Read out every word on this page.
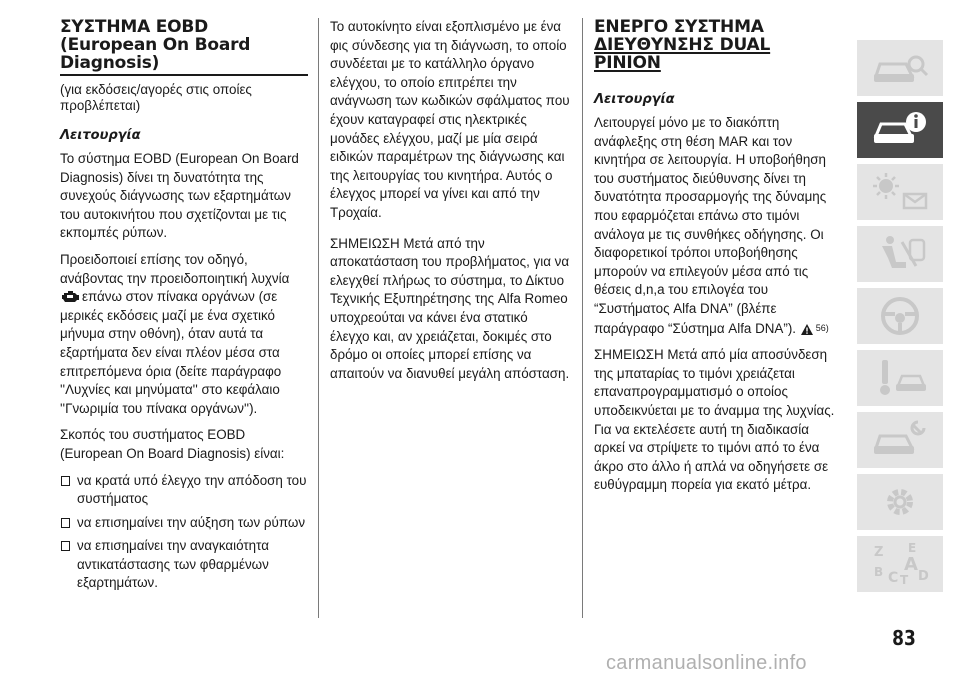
ΣΥΣΤΗΜΑ EOBD
(European On Board
Diagnosis)

(για εκδόσεις/αγορές στις οποίες προβλέπεται)

Λειτουργία

Το σύστημα EOBD (European On Board Diagnosis) δίνει τη δυνατότητα της συνεχούς διάγνωσης των εξαρτημάτων του αυτοκινήτου που σχετίζονται με τις εκπομπές ρύπων.

Προειδοποιεί επίσης τον οδηγό, ανάβοντας την προειδοποιητική λυχνία
επάνω στον πίνακα οργάνων (σε μερικές εκδόσεις μαζί με ένα σχετικό μήνυμα στην οθόνη), όταν αυτά τα εξαρτήματα δεν είναι πλέον μέσα στα επιτρεπόμενα όρια (δείτε παράγραφο ''Λυχνίες και μηνύματα'' στο κεφάλαιο ''Γνωριμία του πίνακα οργάνων'').

Σκοπός του συστήματος EOBD (European On Board Diagnosis) είναι:

να κρατά υπό έλεγχο την απόδοση του συστήματος

να επισημαίνει την αύξηση των ρύπων

να επισημαίνει την αναγκαιότητα αντικατάστασης των φθαρμένων εξαρτημάτων.

Το αυτοκίνητο είναι εξοπλισμένο με ένα φις σύνδεσης για τη διάγνωση, το οποίο συνδέεται με το κατάλληλο όργανο ελέγχου, το οποίο επιτρέπει την ανάγνωση των κωδικών σφάλματος που έχουν καταγραφεί στις ηλεκτρικές μονάδες ελέγχου, μαζί με μία σειρά ειδικών παραμέτρων της διάγνωσης και της λειτουργίας του κινητήρα. Αυτός ο έλεγχος μπορεί να γίνει και από την Τροχαία.

ΣΗΜΕΙΩΣΗ Μετά από την αποκατάσταση του προβλήματος, για να ελεγχθεί πλήρως το σύστημα, το Δίκτυο Τεχνικής Εξυπηρέτησης της Alfa Romeo υποχρεούται να κάνει ένα στατικό έλεγχο και, αν χρειάζεται, δοκιμές στο δρόμο οι οποίες μπορεί επίσης να απαιτούν να διανυθεί μεγάλη απόσταση.

ΕΝΕΡΓΟ ΣΥΣΤΗΜΑ
ΔΙΕΥΘΥΝΣΗΣ DUAL PINION
Λειτουργία

Λειτουργεί μόνο με το διακόπτη ανάφλεξης στη θέση MAR και τον κινητήρα σε λειτουργία. Η υποβοήθηση του συστήματος διεύθυνσης δίνει τη δυνατότητα προσαρμογής της δύναμης που εφαρμόζεται επάνω στο τιμόνι ανάλογα με τις συνθήκες οδήγησης. Οι διαφορετικοί τρόποι υποβοήθησης μπορούν να επιλεγούν μέσα από τις θέσεις d,n,a του επιλογέα του “Συστήματος Alfa DNA” (βλέπε παράγραφο “Σύστημα Alfa DNA”). 56)

ΣΗΜΕΙΩΣΗ Μετά από μία αποσύνδεση της μπαταρίας το τιμόνι χρειάζεται επαναπρογραμματισμό ο οποίος υποδεικνύεται με το άναμμα της λυχνίας. Για να εκτελέσετε αυτή τη διαδικασία αρκεί να στρίψετε το τιμόνι από το ένα άκρο στο άλλο ή απλά να οδηγήσετε σε ευθύγραμμη πορεία για εκατό μέτρα.

Z E
A
B C T D
83
carmanualsonline.info
